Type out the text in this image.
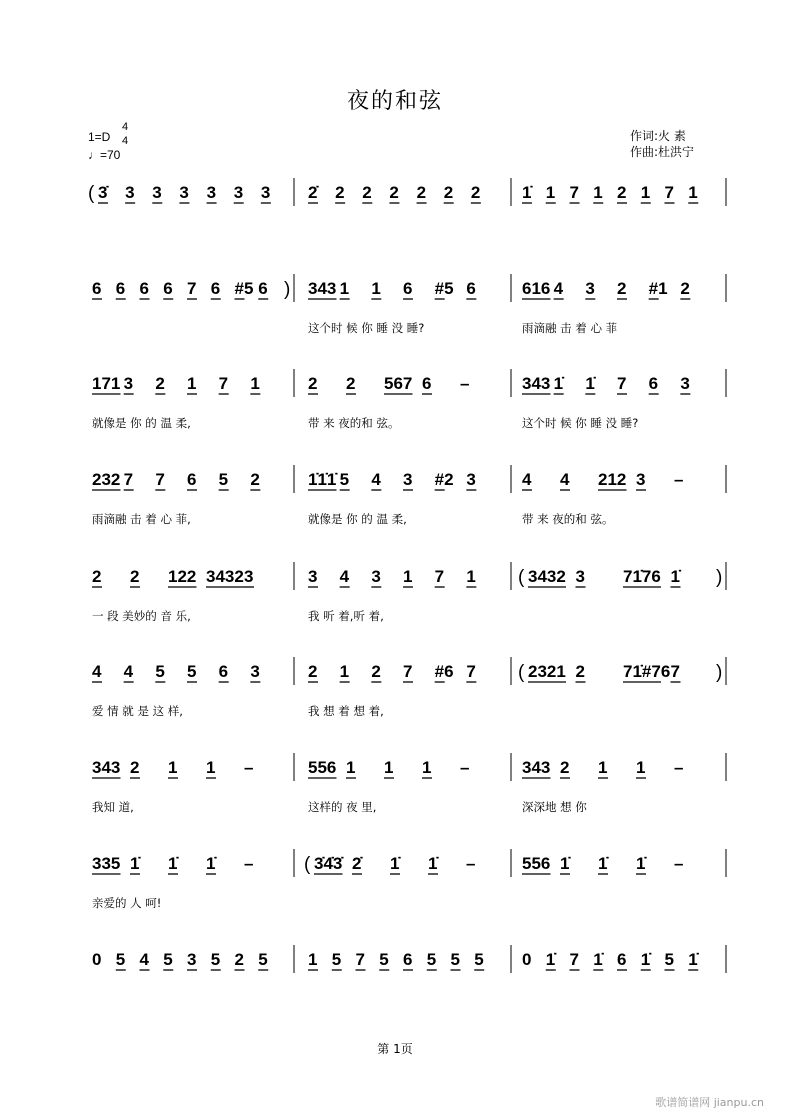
夜的和弦
1=D
4
4
♩=70
作词:火 素
作曲:杜洪宁
( 3̇ 3 3 3 3 3 3 2̇ 2 2 2 2 2 2 1̇ 1 7 1 2 1 7 1
6 6 6 6 7 6 #5 6 ) 343 1 1 6 #5 6
这个时 候 你 睡 没 睡?
616 4 3 2 #1 2
雨滴融 击 着 心 菲
171 3 2 1 7 1
就像是 你 的 温 柔,
2 2 567 6 –
带 来 夜的和 弦。
343 1̇ 1̇ 7 6 3
这个时 候 你 睡 没 睡?
232 7 7 6 5 2
雨滴融 击 着 心 菲,
1̇1̇1̇ 5 4 3 #2 3
就像是 你 的 温 柔,
4 4 212 3 –
带 来 夜的和 弦。
2 2 122 3432 3
一 段 美妙的 音 乐,
3 4 3 1 7 1
我 听 着,听 着,
( 3432 3 71̇76 1̇ )
4 4 5 5 6 3
爱 情 就 是 这 样,
2 1 2 7 #6 7
我 想 着 想 着,
( 2321 2 71̇#76 7 )
343 2 1 1 –
我知 道,
556 1 1 1 –
这样的 夜 里,
343 2 1 1 –
深深地 想 你
335 1̇ 1̇ 1̇ –
亲爱的 人 呵!
( 3̇4̇3̇ 2̇ 1̇ 1̇ –	556 1̇ 1̇ 1̇ –
0 5 4 5 3 5 2 5 1 5 7 5 6 5 5 5 0 1̇ 7 1̇ 6 1̇ 5 1̇
第 1页
歌谱简谱网 jianpu.cn
